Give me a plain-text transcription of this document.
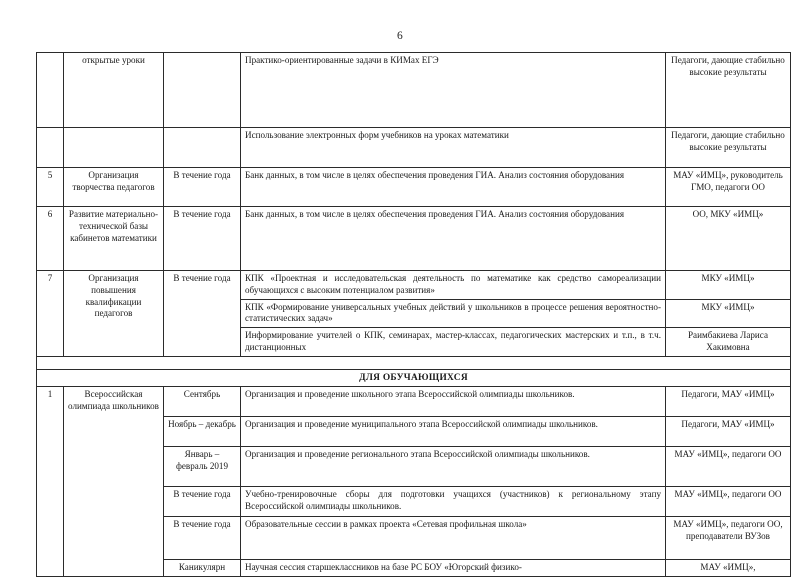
6
	открытые уроки		Практико-ориентированные задачи в КИМах ЕГЭ	Педагоги, дающие стабильно высокие результаты
			Использование электронных форм учебников на уроках математики	Педагоги, дающие стабильно высокие результаты
5	Организация творчества педагогов	В течение года	Банк данных, в том числе в целях обеспечения проведения ГИА. Анализ состояния оборудования	МАУ «ИМЦ», руководитель ГМО, педагоги ОО
6	Развитие материально-технической базы кабинетов математики	В течение года	Банк данных, в том числе в целях обеспечения проведения ГИА. Анализ состояния оборудования	ОО, МКУ «ИМЦ»
7	Организация повышения квалификации педагогов	В течение года	КПК «Проектная и исследовательская деятельность по математике как средство самореализации обучающихся с высоким потенциалом развития»	МКУ «ИМЦ»
			КПК «Формирование универсальных учебных действий у школьников в процессе решения вероятностно-статистических задач»	МКУ «ИМЦ»
			Информирование учителей о КПК, семинарах, мастер-классах, педагогических мастерских и т.п., в т.ч. дистанционных	Раимбакиева Лариса Хакимовна

ДЛЯ ОБУЧАЮЩИХСЯ				
1	Всероссийская олимпиада школьников	Сентябрь	Организация и проведение школьного этапа Всероссийской олимпиады школьников.	Педагоги, МАУ «ИМЦ»
		Ноябрь – декабрь	Организация и проведение муниципального этапа Всероссийской олимпиады школьников.	Педагоги, МАУ «ИМЦ»
		Январь – февраль 2019	Организация и проведение регионального этапа Всероссийской олимпиады школьников.	МАУ «ИМЦ», педагоги ОО
		В течение года	Учебно-тренировочные сборы для подготовки учащихся (участников) к региональному этапу Всероссийской олимпиады школьников.	МАУ «ИМЦ», педагоги ОО
		В течение года	Образовательные сессии в рамках проекта «Сетевая профильная школа»	МАУ «ИМЦ», педагоги ОО, преподаватели ВУЗов
		Каникулярн	Научная сессия старшеклассников на базе РС БОУ «Югорский физико-	МАУ «ИМЦ»,
